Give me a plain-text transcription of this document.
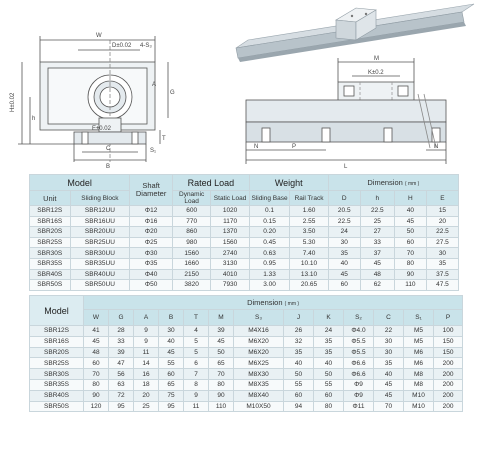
W
D±0.02 4-S₃
H±0.02
h
A
G
T
E±0.02
C
B
S₁
M
K±0.2
N	P	N
L
Model		Shaft Diameter	Rated Load		Weight		Dimension ( mm )			
Unit	Sliding Block		Dynamic Load	Static Load	Sliding Base	Rail Track	D	h	H	E
SBR12S	SBR12UU	Φ12	600	1020	0.1	1.60	20.5	22.5	40	15
SBR16S	SBR16UU	Φ16	770	1170	0.15	2.55	22.5	25	45	20
SBR20S	SBR20UU	Φ20	860	1370	0.20	3.50	24	27	50	22.5
SBR25S	SBR25UU	Φ25	980	1560	0.45	5.30	30	33	60	27.5
SBR30S	SBR30UU	Φ30	1560	2740	0.63	7.40	35	37	70	30
SBR35S	SBR35UU	Φ35	1660	3130	0.95	10.10	40	45	80	35
SBR40S	SBR40UU	Φ40	2150	4010	1.33	13.10	45	48	90	37.5
SBR50S	SBR50UU	Φ50	3820	7930	3.00	20.65	60	62	110	47.5
Model	Dimension ( mm )												
	W	G	A	B	T	M	S₃	J	K	S₂	C	S₁	P
SBR12S	41	28	9	30	4	39	M4X16	26	24	Φ4.0	22	M5	100
SBR16S	45	33	9	40	5	45	M6X20	32	35	Φ5.5	30	M5	150
SBR20S	48	39	11	45	5	50	M6X20	35	35	Φ5.5	30	M6	150
SBR25S	60	47	14	55	6	65	M6X25	40	40	Φ6.6	35	M6	200
SBR30S	70	56	16	60	7	70	M8X30	50	50	Φ6.6	40	M8	200
SBR35S	80	63	18	65	8	80	M8X35	55	55	Φ9	45	M8	200
SBR40S	90	72	20	75	9	90	M8X40	60	60	Φ9	45	M10	200
SBR50S	120	95	25	95	11	110	M10X50	94	80	Φ11	70	M10	200
